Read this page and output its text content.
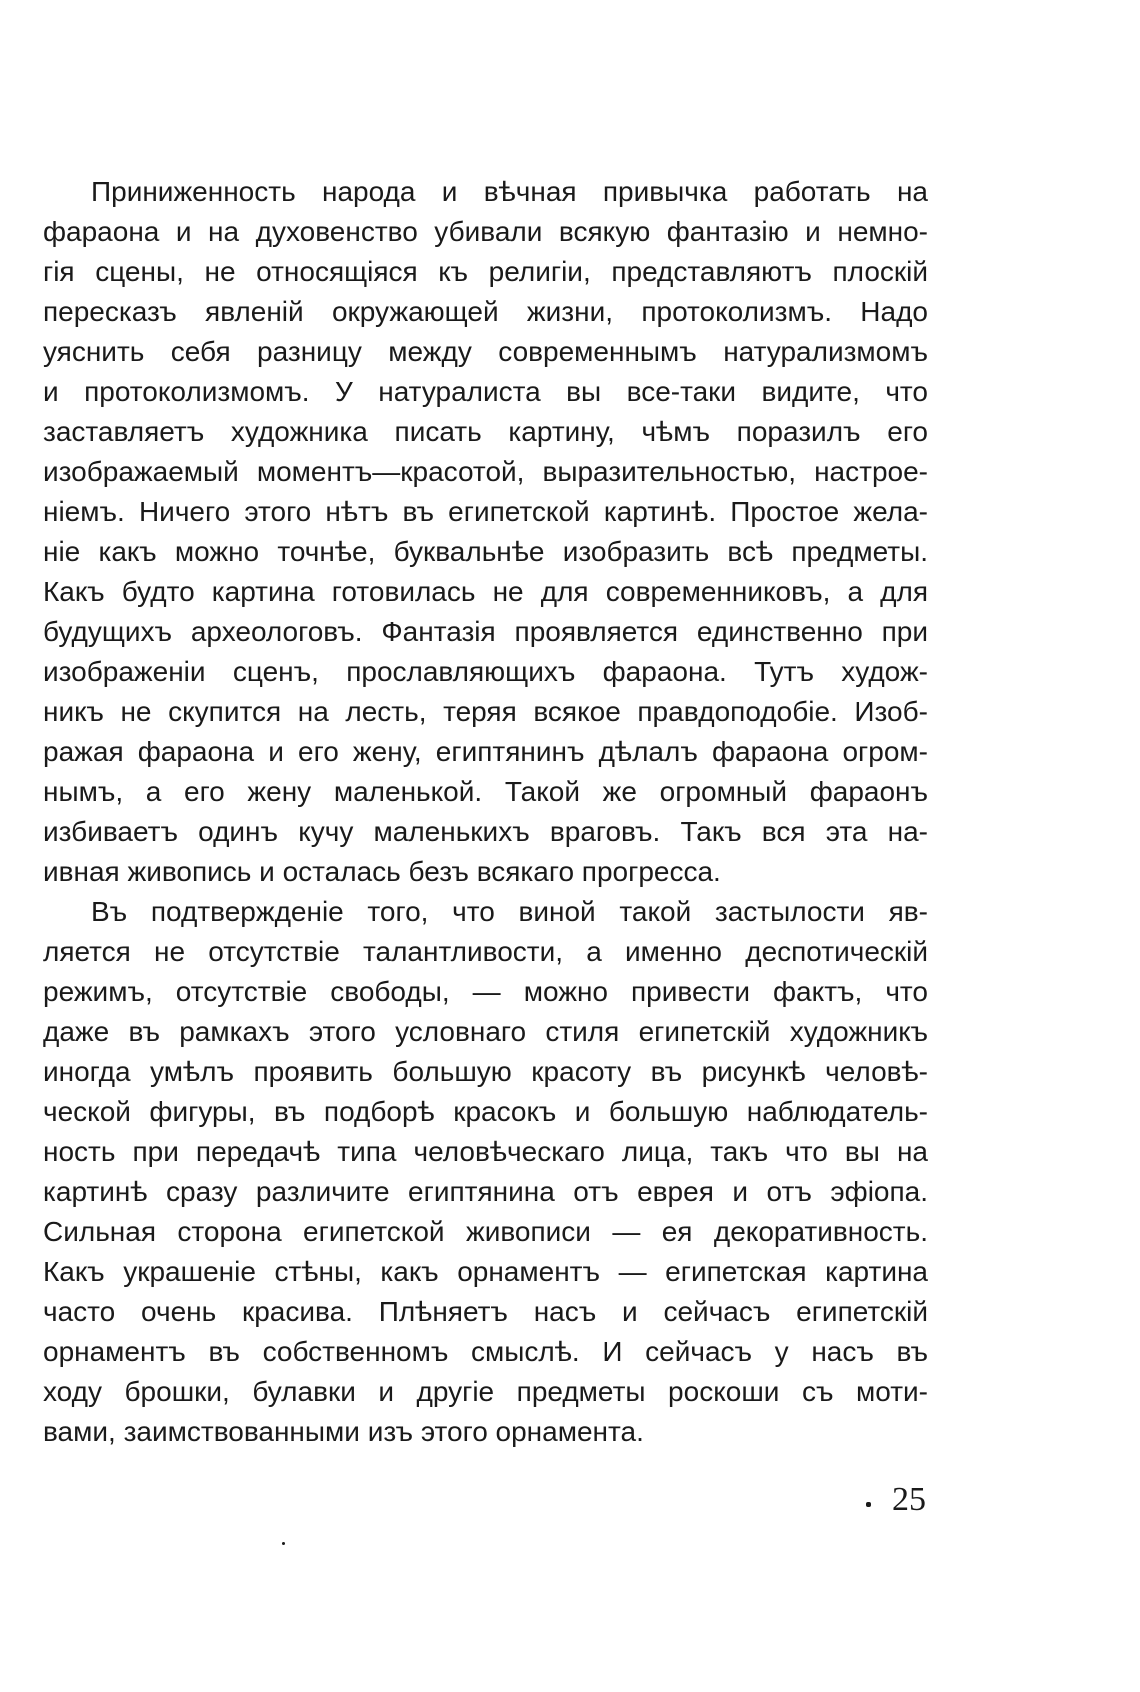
Приниженность народа и вѣчная привычка работать на
фараона и на духовенство убивали всякую фантазію и немно-
гія сцены, не относящіяся къ религіи, представляютъ плоскій
пересказъ явленій окружающей жизни, протоколизмъ. Надо
уяснить себя разницу между современнымъ натурализмомъ
и протоколизмомъ. У натуралиста вы все-таки видите, что
заставляетъ художника писать картину, чѣмъ поразилъ его
изображаемый моментъ—красотой, выразительностью, настрое-
ніемъ. Ничего этого нѣтъ въ египетской картинѣ. Простое жела-
ніе какъ можно точнѣе, буквальнѣе изобразить всѣ предметы.
Какъ будто картина готовилась не для современниковъ, а для
будущихъ археологовъ. Фантазія проявляется единственно при
изображеніи сценъ, прославляющихъ фараона. Тутъ худож-
никъ не скупится на лесть, теряя всякое правдоподобіе. Изоб-
ражая фараона и его жену, египтянинъ дѣлалъ фараона огром-
нымъ, а его жену маленькой. Такой же огромный фараонъ
избиваетъ одинъ кучу маленькихъ враговъ. Такъ вся эта на-
ивная живопись и осталась безъ всякаго прогресса.
Въ подтвержденіе того, что виной такой застылости яв-
ляется не отсутствіе талантливости, а именно деспотическій
режимъ, отсутствіе свободы, — можно привести фактъ, что
даже въ рамкахъ этого условнаго стиля египетскій художникъ
иногда умѣлъ проявить большую красоту въ рисункѣ человѣ-
ческой фигуры, въ подборѣ красокъ и большую наблюдатель-
ность при передачѣ типа человѣческаго лица, такъ что вы на
картинѣ сразу различите египтянина отъ еврея и отъ эфіопа.
Сильная сторона египетской живописи — ея декоративность.
Какъ украшеніе стѣны, какъ орнаментъ — египетская картина
часто очень красива. Плѣняетъ насъ и сейчасъ египетскій
орнаментъ въ собственномъ смыслѣ. И сейчасъ у насъ въ
ходу брошки, булавки и другіе предметы роскоши съ моти-
вами, заимствованными изъ этого орнамента.
25
